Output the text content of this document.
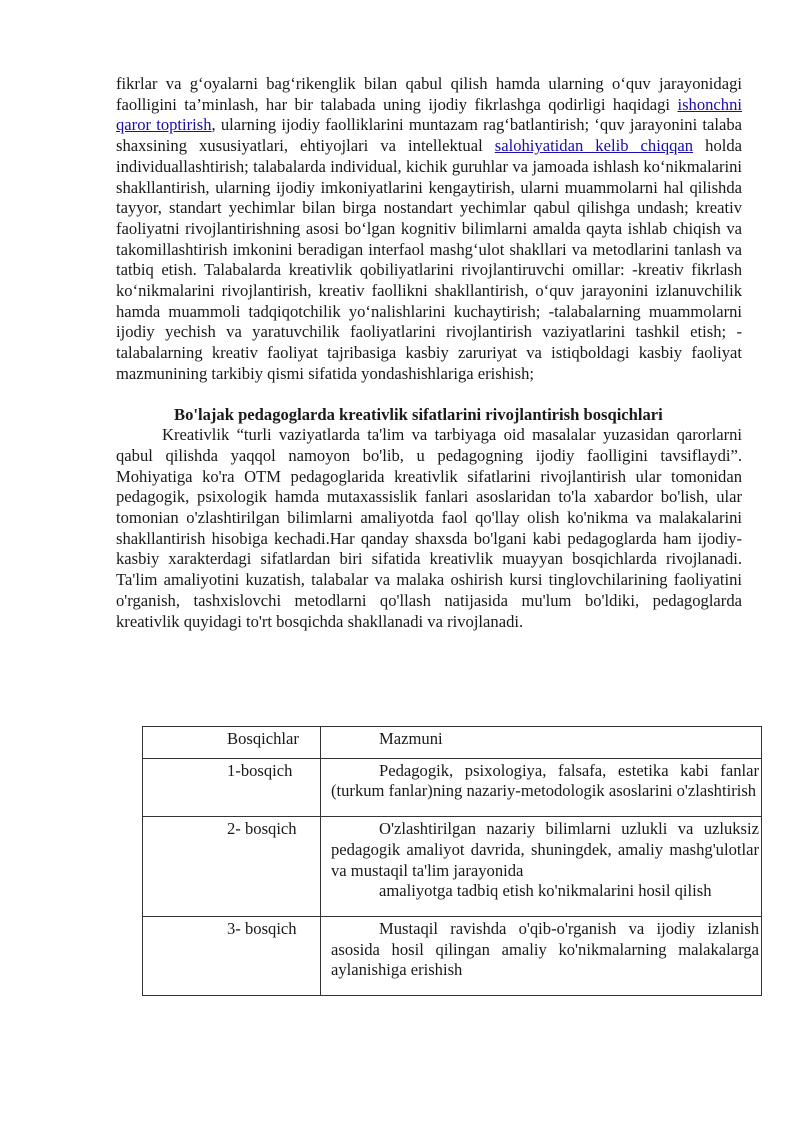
fikrlar va g‘oyalarni bag‘rikenglik bilan qabul qilish hamda ularning o‘quv jarayonidagi faolligini ta’minlash, har bir talabada uning ijodiy fikrlashga qodirligi haqidagi ishonchni qaror toptirish, ularning ijodiy faolliklarini muntazam rag‘batlantirish; ‘quv jarayonini talaba shaxsining xususiyatlari, ehtiyojlari va intellektual salohiyatidan kelib chiqqan holda individuallashtirish; talabalarda individual, kichik guruhlar va jamoada ishlash ko‘nikmalarini shakllantirish, ularning ijodiy imkoniyatlarini kengaytirish, ularni muammolarni hal qilishda tayyor, standart yechimlar bilan birga nostandart yechimlar qabul qilishga undash; kreativ faoliyatni rivojlantirishning asosi bo‘lgan kognitiv bilimlarni amalda qayta ishlab chiqish va takomillashtirish imkonini beradigan interfaol mashg‘ulot shakllari va metodlarini tanlash va tatbiq etish. Talabalarda kreativlik qobiliyatlarini rivojlantiruvchi omillar: -kreativ fikrlash ko‘nikmalarini rivojlantirish, kreativ faollikni shakllantirish, o‘quv jarayonini izlanuvchilik hamda muammoli tadqiqotchilik yo‘nalishlarini kuchaytirish; -talabalarning muammolarni ijodiy yechish va yaratuvchilik faoliyatlarini rivojlantirish vaziyatlarini tashkil etish; -talabalarning kreativ faoliyat tajribasiga kasbiy zaruriyat va istiqboldagi kasbiy faoliyat mazmunining tarkibiy qismi sifatida yondashishlariga erishish;

Bo'lajak pedagoglarda kreativlik sifatlarini rivojlantirish bosqichlari

Kreativlik “turli vaziyatlarda ta'lim va tarbiyaga oid masalalar yuzasidan qarorlarni qabul qilishda yaqqol namoyon bo'lib, u pedagogning ijodiy faolligini tavsiflaydi”. Mohiyatiga ko'ra OTM pedagoglarida kreativlik sifatlarini rivojlantirish ular tomonidan pedagogik, psixologik hamda mutaxassislik fanlari asoslaridan to'la xabardor bo'lish, ular tomonian o'zlashtirilgan bilimlarni amaliyotda faol qo'llay olish ko'nikma va malakalarini shakllantirish hisobiga kechadi.Har qanday shaxsda bo'lgani kabi pedagoglarda ham ijodiy-kasbiy xarakterdagi sifatlardan biri sifatida kreativlik muayyan bosqichlarda rivojlanadi. Ta'lim amaliyotini kuzatish, talabalar va malaka oshirish kursi tinglovchilarining faoliyatini o'rganish, tashxislovchi metodlarni qo'llash natijasida mu'lum bo'ldiki, pedagoglarda kreativlik quyidagi to'rt bosqichda shakllanadi va rivojlanadi.

Bosqichlar	Mazmuni
1-bosqich	Pedagogik, psixologiya, falsafa, estetika kabi fanlar (turkum fanlar)ning nazariy-metodologik asoslarini o'zlashtirish

2- bosqich	O'zlashtirilgan nazariy bilimlarni uzlukli va uzluksiz pedagogik amaliyot davrida, shuningdek, amaliy mashg'ulotlar va mustaqil ta'lim jarayonida
amaliyotga tadbiq etish ko'nikmalarini hosil qilish

3- bosqich	Mustaqil ravishda o'qib-o'rganish va ijodiy izlanish asosida hosil qilingan amaliy ko'nikmalarning malakalarga aylanishiga erishish
